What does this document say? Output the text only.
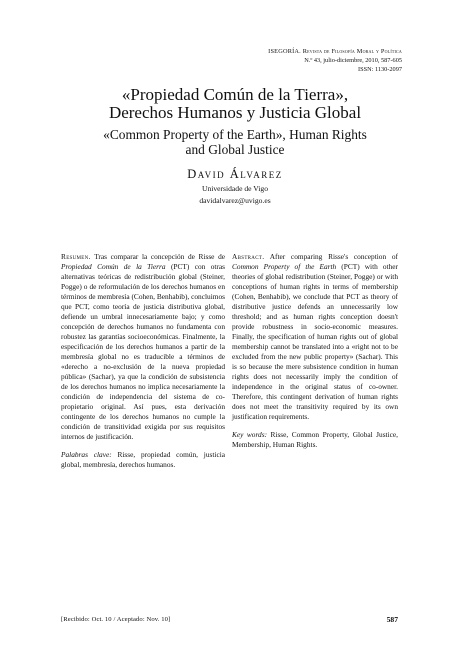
ISEGORÍA. Revista de Filosofía Moral y Política
N.º 43, julio-diciembre, 2010, 587-605
ISSN: 1130-2097
«Propiedad Común de la Tierra»,
Derechos Humanos y Justicia Global
«Common Property of the Earth», Human Rights
and Global Justice
David Álvarez
Universidade de Vigo
davidalvarez@uvigo.es
Resumen. Tras comparar la concepción de Risse de Propiedad Común de la Tierra (PCT) con otras alternativas teóricas de redistribución global (Steiner, Pogge) o de reformulación de los derechos humanos en términos de membresía (Cohen, Benhabib), concluimos que PCT, como teoría de justicia distributiva global, defiende un umbral innecesariamente bajo; y como concepción de derechos humanos no fundamenta con robustez las garantías socioeconómicas. Finalmente, la especificación de los derechos humanos a partir de la membresía global no es traducible a términos de «derecho a no-exclusión de la nueva propiedad pública» (Sachar), ya que la condición de subsistencia de los derechos humanos no implica necesariamente la condición de independencia del sistema de co-propietario original. Así pues, esta derivación contingente de los derechos humanos no cumple la condición de transitividad exigida por sus requisitos internos de justificación.
Palabras clave: Risse, propiedad común, justicia global, membresía, derechos humanos.
Abstract. After comparing Risse's conception of Common Property of the Earth (PCT) with other theories of global redistribution (Steiner, Pogge) or with conceptions of human rights in terms of membership (Cohen, Benhabib), we conclude that PCT as theory of distributive justice defends an unnecessarily low threshold; and as human rights conception doesn't provide robustness in socio-economic measures. Finally, the specification of human rights out of global membership cannot be translated into a «right not to be excluded from the new public property» (Sachar). This is so because the mere subsistence condition in human rights does not necessarily imply the condition of independence in the original status of co-owner. Therefore, this contingent derivation of human rights does not meet the transitivity required by its own justification requirements.
Key words: Risse, Common Property, Global Justice, Membership, Human Rights.
[Recibido: Oct. 10 / Aceptado: Nov. 10]	587
